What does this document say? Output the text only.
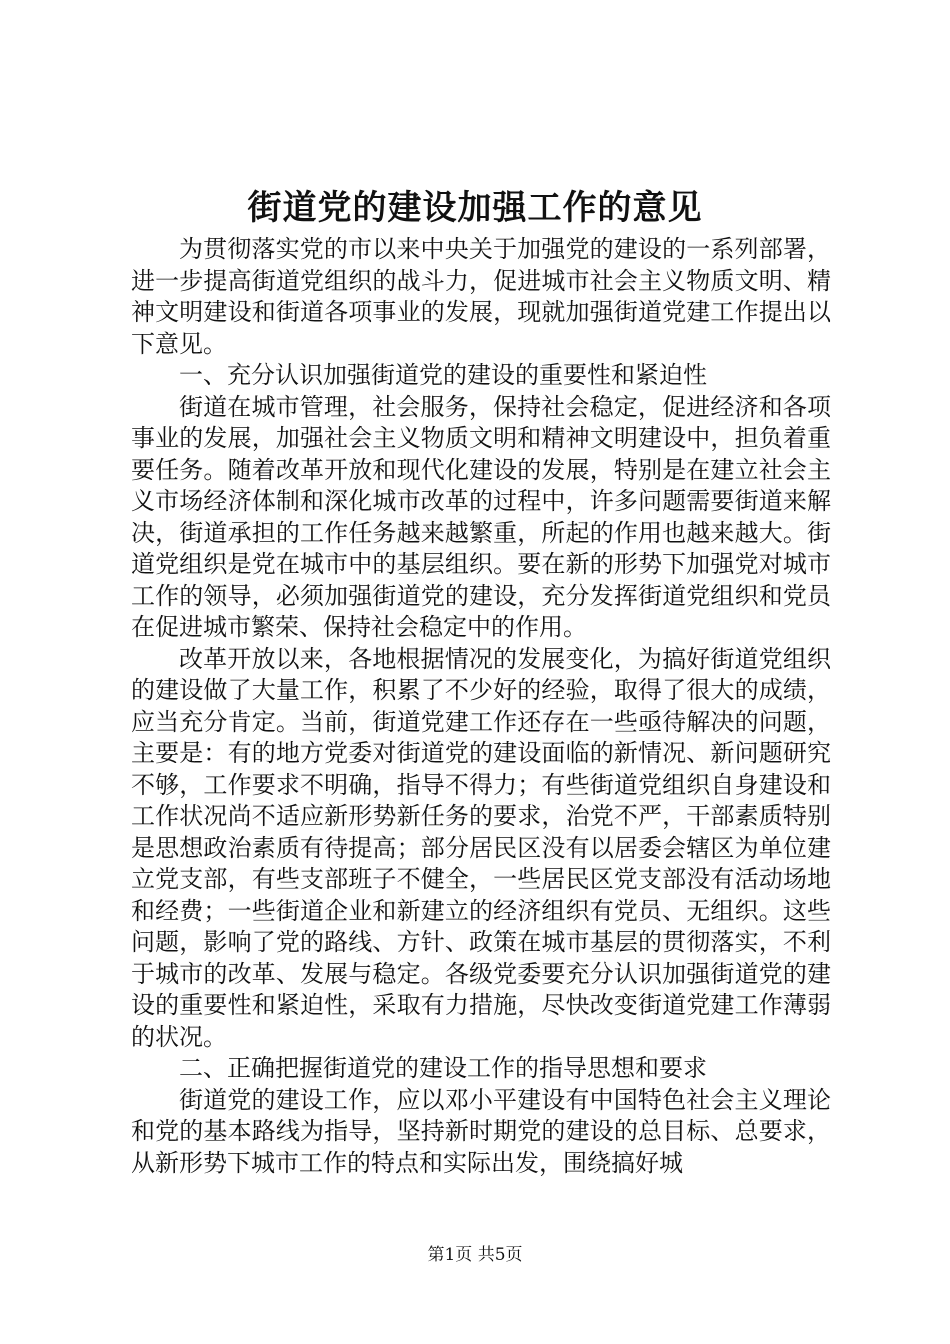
街道党的建设加强工作的意见

为贯彻落实党的市以来中央关于加强党的建设的一系列部署，进一步提高街道党组织的战斗力，促进城市社会主义物质文明、精神文明建设和街道各项事业的发展，现就加强街道党建工作提出以下意见。

一、充分认识加强街道党的建设的重要性和紧迫性

街道在城市管理，社会服务，保持社会稳定，促进经济和各项事业的发展，加强社会主义物质文明和精神文明建设中，担负着重要任务。随着改革开放和现代化建设的发展，特别是在建立社会主义市场经济体制和深化城市改革的过程中，许多问题需要街道来解决，街道承担的工作任务越来越繁重，所起的作用也越来越大。街道党组织是党在城市中的基层组织。要在新的形势下加强党对城市工作的领导，必须加强街道党的建设，充分发挥街道党组织和党员在促进城市繁荣、保持社会稳定中的作用。

改革开放以来，各地根据情况的发展变化，为搞好街道党组织的建设做了大量工作，积累了不少好的经验，取得了很大的成绩，应当充分肯定。当前，街道党建工作还存在一些亟待解决的问题，主要是：有的地方党委对街道党的建设面临的新情况、新问题研究不够，工作要求不明确，指导不得力；有些街道党组织自身建设和工作状况尚不适应新形势新任务的要求，治党不严，干部素质特别是思想政治素质有待提高；部分居民区没有以居委会辖区为单位建立党支部，有些支部班子不健全，一些居民区党支部没有活动场地和经费；一些街道企业和新建立的经济组织有党员、无组织。这些问题，影响了党的路线、方针、政策在城市基层的贯彻落实，不利于城市的改革、发展与稳定。各级党委要充分认识加强街道党的建设的重要性和紧迫性，采取有力措施，尽快改变街道党建工作薄弱的状况。

二、正确把握街道党的建设工作的指导思想和要求

街道党的建设工作，应以邓小平建设有中国特色社会主义理论和党的基本路线为指导，坚持新时期党的建设的总目标、总要求，从新形势下城市工作的特点和实际出发，围绕搞好城

第1页 共5页
